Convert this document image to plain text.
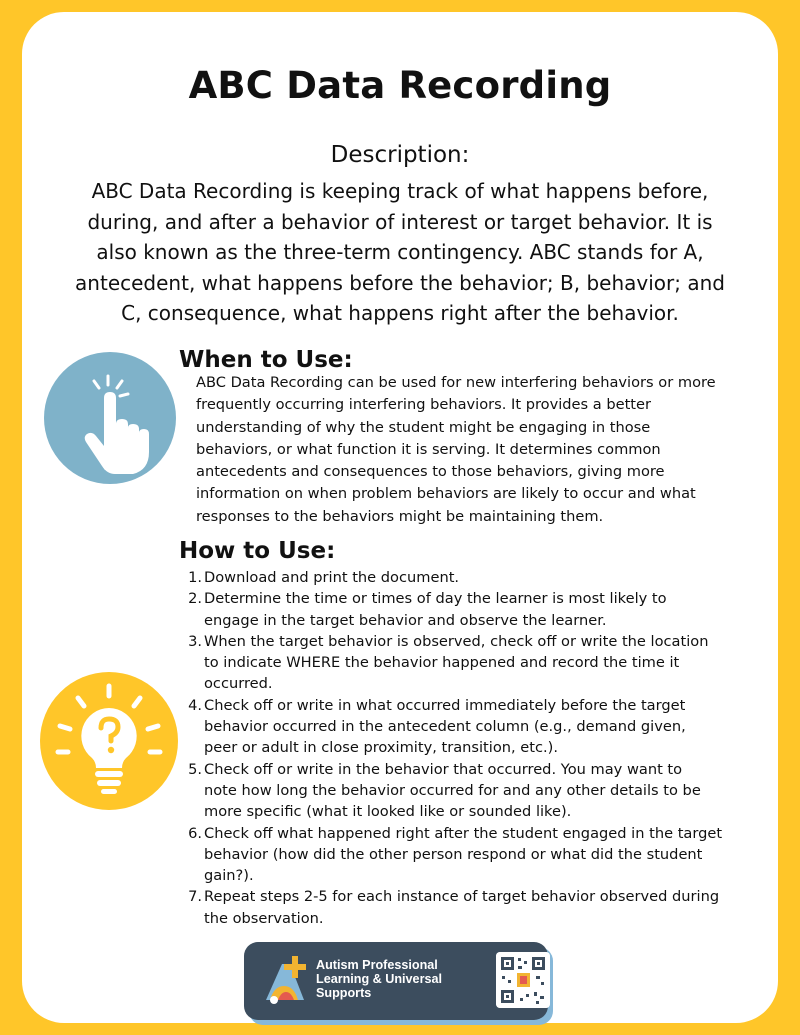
ABC Data Recording
Description:
ABC Data Recording is keeping track of what happens before,
during, and after a behavior of interest or target behavior. It is
also known as the three-term contingency. ABC stands for A,
antecedent, what happens before the behavior; B, behavior; and
C, consequence, what happens right after the behavior.
When to Use:
ABC Data Recording can be used for new interfering behaviors or more
frequently occurring interfering behaviors. It provides a better
understanding of why the student might be engaging in those
behaviors, or what function it is serving. It determines common
antecedents and consequences to those behaviors, giving more
information on when problem behaviors are likely to occur and what
responses to the behaviors might be maintaining them.
How to Use:
1. Download and print the document.
2. Determine the time or times of day the learner is most likely to
engage in the target behavior and observe the learner.
3. When the target behavior is observed, check off or write the location
to indicate WHERE the behavior happened and record the time it
occurred.
4. Check off or write in what occurred immediately before the target
behavior occurred in the antecedent column (e.g., demand given,
peer or adult in close proximity, transition, etc.).
5. Check off or write in the behavior that occurred. You may want to
note how long the behavior occurred for and any other details to be
more specific (what it looked like or sounded like).
6. Check off what happened right after the student engaged in the target
behavior (how did the other person respond or what did the student
gain?).
7. Repeat steps 2-5 for each instance of target behavior observed during
the observation.
Autism Professional
Learning & Universal
Supports
